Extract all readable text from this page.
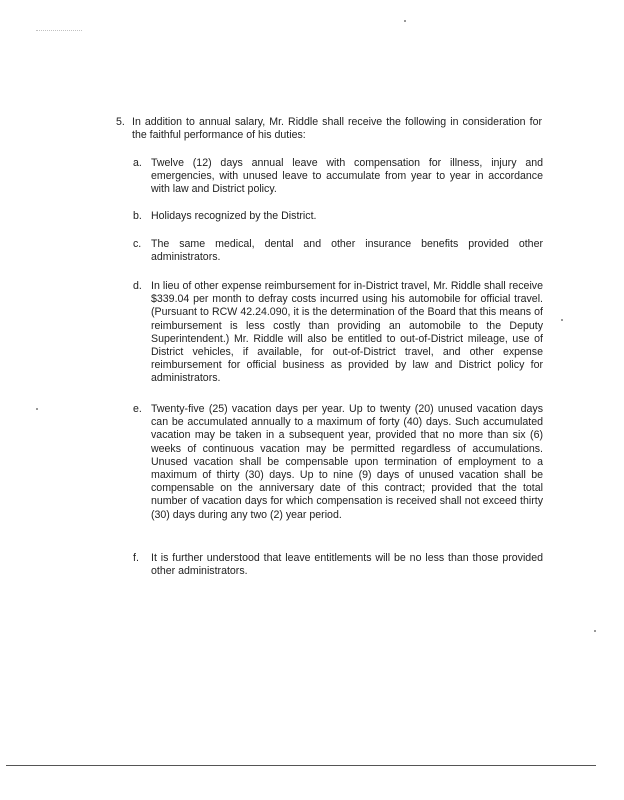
5. In addition to annual salary, Mr. Riddle shall receive the following in consideration for the faithful performance of his duties:
a. Twelve (12) days annual leave with compensation for illness, injury and emergencies, with unused leave to accumulate from year to year in accordance with law and District policy.
b. Holidays recognized by the District.
c. The same medical, dental and other insurance benefits provided other administrators.
d. In lieu of other expense reimbursement for in-District travel, Mr. Riddle shall receive $339.04 per month to defray costs incurred using his automobile for official travel. (Pursuant to RCW 42.24.090, it is the determination of the Board that this means of reimbursement is less costly than providing an automobile to the Deputy Superintendent.) Mr. Riddle will also be entitled to out-of-District mileage, use of District vehicles, if available, for out-of-District travel, and other expense reimbursement for official business as provided by law and District policy for administrators.
e. Twenty-five (25) vacation days per year. Up to twenty (20) unused vacation days can be accumulated annually to a maximum of forty (40) days. Such accumulated vacation may be taken in a subsequent year, provided that no more than six (6) weeks of continuous vacation may be permitted regardless of accumulations. Unused vacation shall be compensable upon termination of employment to a maximum of thirty (30) days. Up to nine (9) days of unused vacation shall be compensable on the anniversary date of this contract; provided that the total number of vacation days for which compensation is received shall not exceed thirty (30) days during any two (2) year period.
f.	It is further understood that leave entitlements will be no less than those provided other administrators.
